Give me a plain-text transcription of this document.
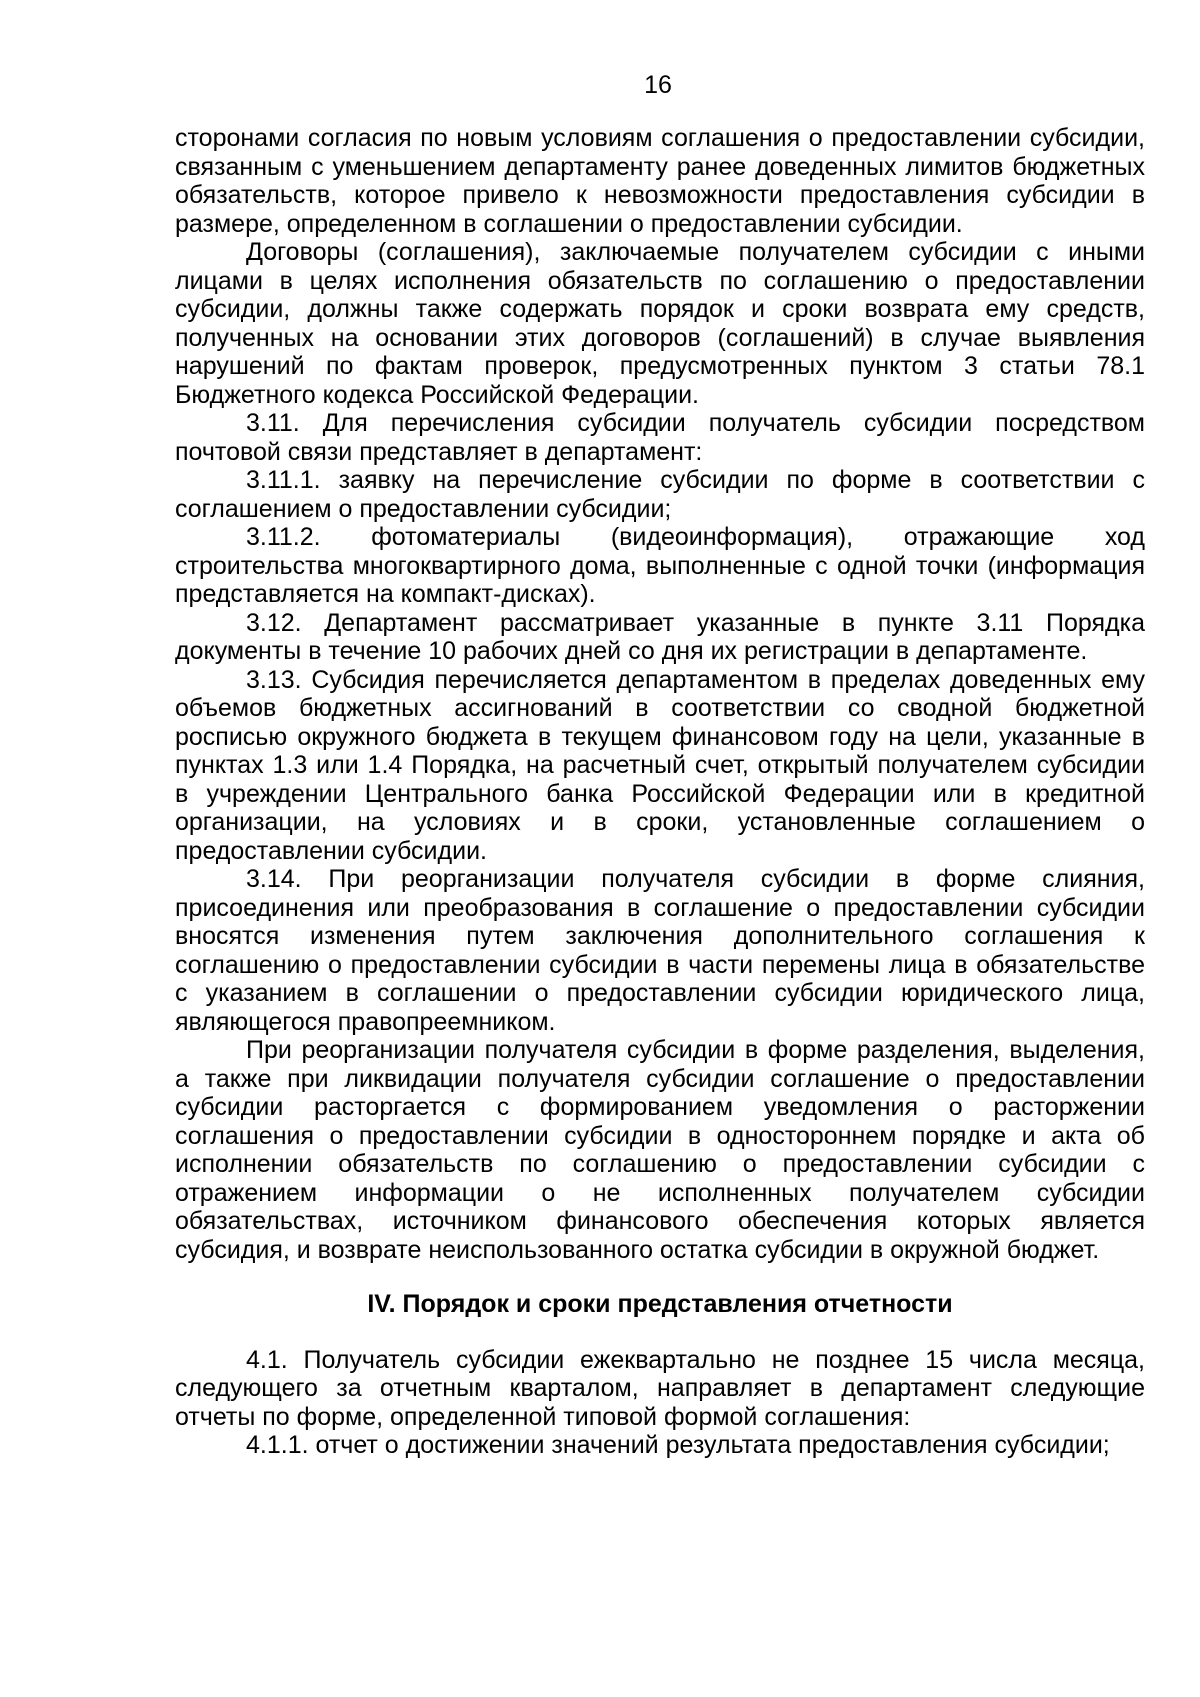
16

сторонами согласия по новым условиям соглашения о предоставлении субсидии, связанным с уменьшением департаменту ранее доведенных лимитов бюджетных обязательств, которое привело к невозможности предоставления субсидии в размере, определенном в соглашении о предоставлении субсидии.

Договоры (соглашения), заключаемые получателем субсидии с иными лицами в целях исполнения обязательств по соглашению о предоставлении субсидии, должны также содержать порядок и сроки возврата ему средств, полученных на основании этих договоров (соглашений) в случае выявления нарушений по фактам проверок, предусмотренных пунктом 3 статьи 78.1 Бюджетного кодекса Российской Федерации.

3.11. Для перечисления субсидии получатель субсидии посредством почтовой связи представляет в департамент:

3.11.1. заявку на перечисление субсидии по форме в соответствии с соглашением о предоставлении субсидии;

3.11.2. фотоматериалы (видеоинформация), отражающие ход строительства многоквартирного дома, выполненные с одной точки (информация представляется на компакт-дисках).

3.12. Департамент рассматривает указанные в пункте 3.11 Порядка документы в течение 10 рабочих дней со дня их регистрации в департаменте.

3.13. Субсидия перечисляется департаментом в пределах доведенных ему объемов бюджетных ассигнований в соответствии со сводной бюджетной росписью окружного бюджета в текущем финансовом году на цели, указанные в пунктах 1.3 или 1.4 Порядка, на расчетный счет, открытый получателем субсидии в учреждении Центрального банка Российской Федерации или в кредитной организации, на условиях и в сроки, установленные соглашением о предоставлении субсидии.

3.14. При реорганизации получателя субсидии в форме слияния, присоединения или преобразования в соглашение о предоставлении субсидии вносятся изменения путем заключения дополнительного соглашения к соглашению о предоставлении субсидии в части перемены лица в обязательстве с указанием в соглашении о предоставлении субсидии юридического лица, являющегося правопреемником.

При реорганизации получателя субсидии в форме разделения, выделения, а также при ликвидации получателя субсидии соглашение о предоставлении субсидии расторгается с формированием уведомления о расторжении соглашения о предоставлении субсидии в одностороннем порядке и акта об исполнении обязательств по соглашению о предоставлении субсидии с отражением информации о не исполненных получателем субсидии обязательствах, источником финансового обеспечения которых является субсидия, и возврате неиспользованного остатка субсидии в окружной бюджет.

IV. Порядок и сроки представления отчетности

4.1. Получатель субсидии ежеквартально не позднее 15 числа месяца, следующего за отчетным кварталом, направляет в департамент следующие отчеты по форме, определенной типовой формой соглашения:

4.1.1. отчет о достижении значений результата предоставления субсидии;
